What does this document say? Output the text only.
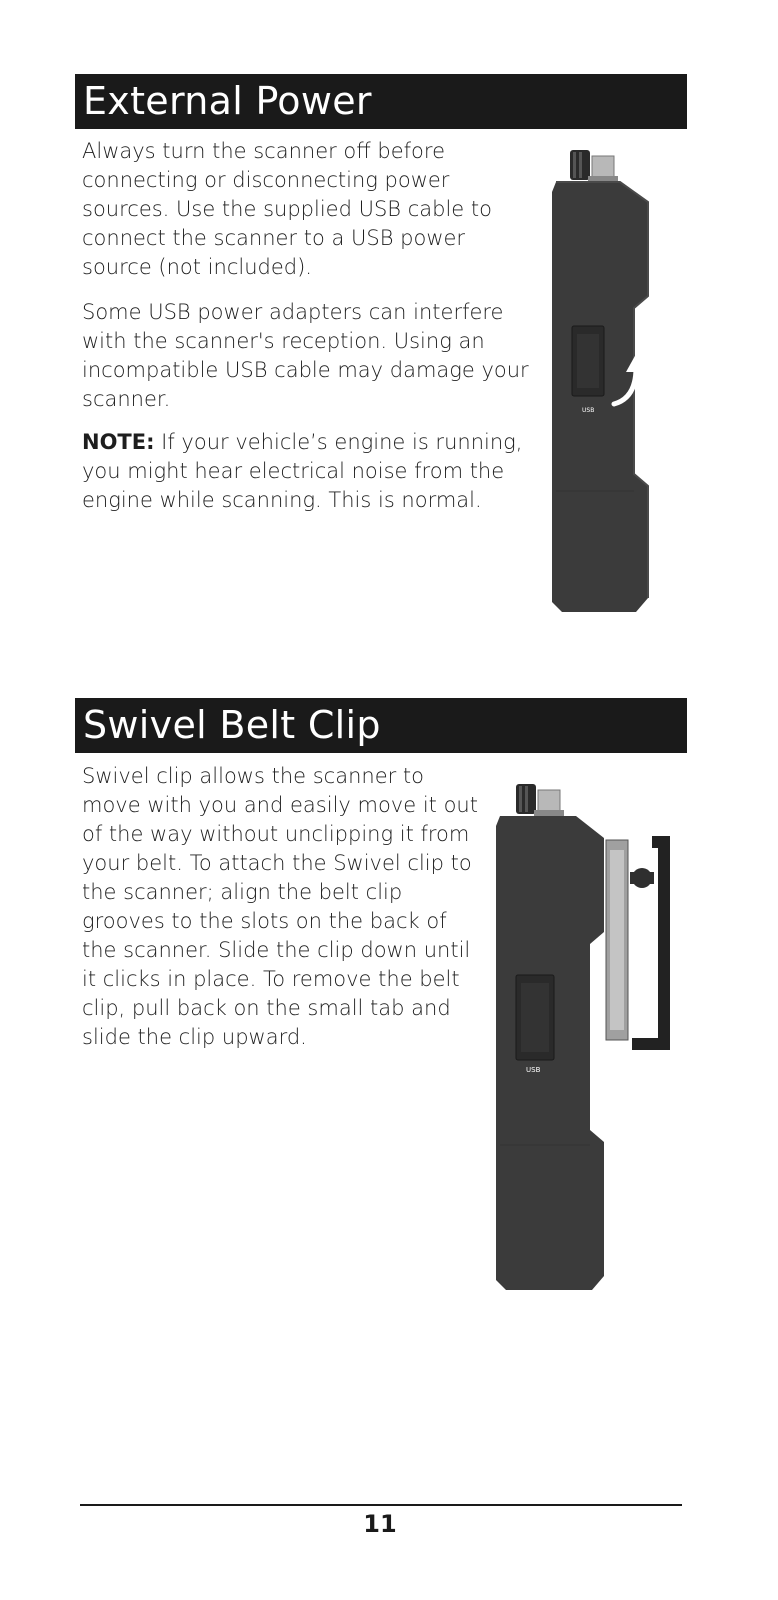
External Power

Always turn the scanner off before connecting or disconnecting power sources. Use the supplied USB cable to connect the scanner to a USB power source (not included).

Some USB power adapters can interfere with the scanner's reception. Using an incompatible USB cable may damage your scanner.

NOTE: If your vehicle’s engine is running, you might hear electrical noise from the engine while scanning. This is normal.

USB
Swivel Belt Clip

Swivel clip allows the scanner to move with you and easily move it out of the way without unclipping it from your belt. To attach the Swivel clip to the scanner; align the belt clip grooves to the slots on the back of the scanner. Slide the clip down until it clicks in place. To remove the belt clip, pull back on the small tab and slide the clip upward.

USB
11
